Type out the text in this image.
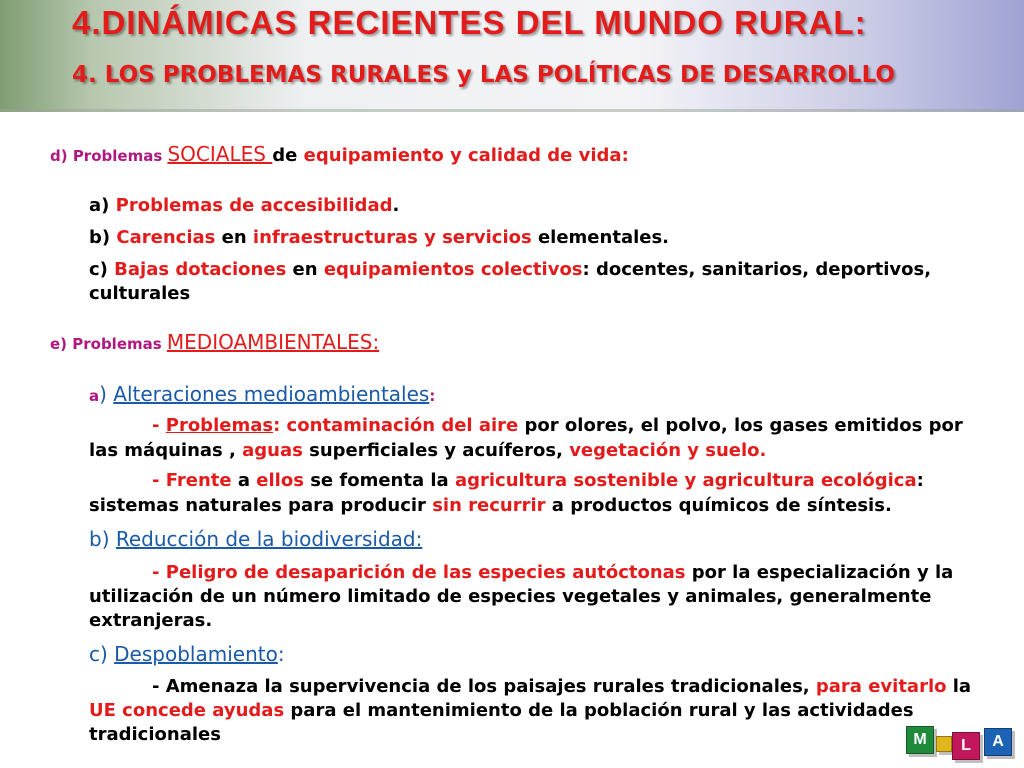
4.DINÁMICAS RECIENTES DEL MUNDO RURAL:
4. LOS PROBLEMAS RURALES y LAS POLÍTICAS DE DESARROLLO
d) Problemas SOCIALES de equipamiento y calidad de vida:
a) Problemas de accesibilidad.
b) Carencias en infraestructuras y servicios elementales.
c) Bajas dotaciones en equipamientos colectivos: docentes, sanitarios, deportivos,
culturales
e) Problemas MEDIOAMBIENTALES:
a) Alteraciones medioambientales:
- Problemas: contaminación del aire por olores, el polvo, los gases emitidos por
las máquinas , aguas superficiales y acuíferos, vegetación y suelo.
- Frente a ellos se fomenta la agricultura sostenible y agricultura ecológica:
sistemas naturales para producir sin recurrir a productos químicos de síntesis.
b) Reducción de la biodiversidad:
- Peligro de desaparición de las especies autóctonas por la especialización y la
utilización de un número limitado de especies vegetales y animales, generalmente
extranjeras.
c) Despoblamiento:
- Amenaza la supervivencia de los paisajes rurales tradicionales, para evitarlo la
UE concede ayudas para el mantenimiento de la población rural y las actividades
tradicionales	M	L	A
